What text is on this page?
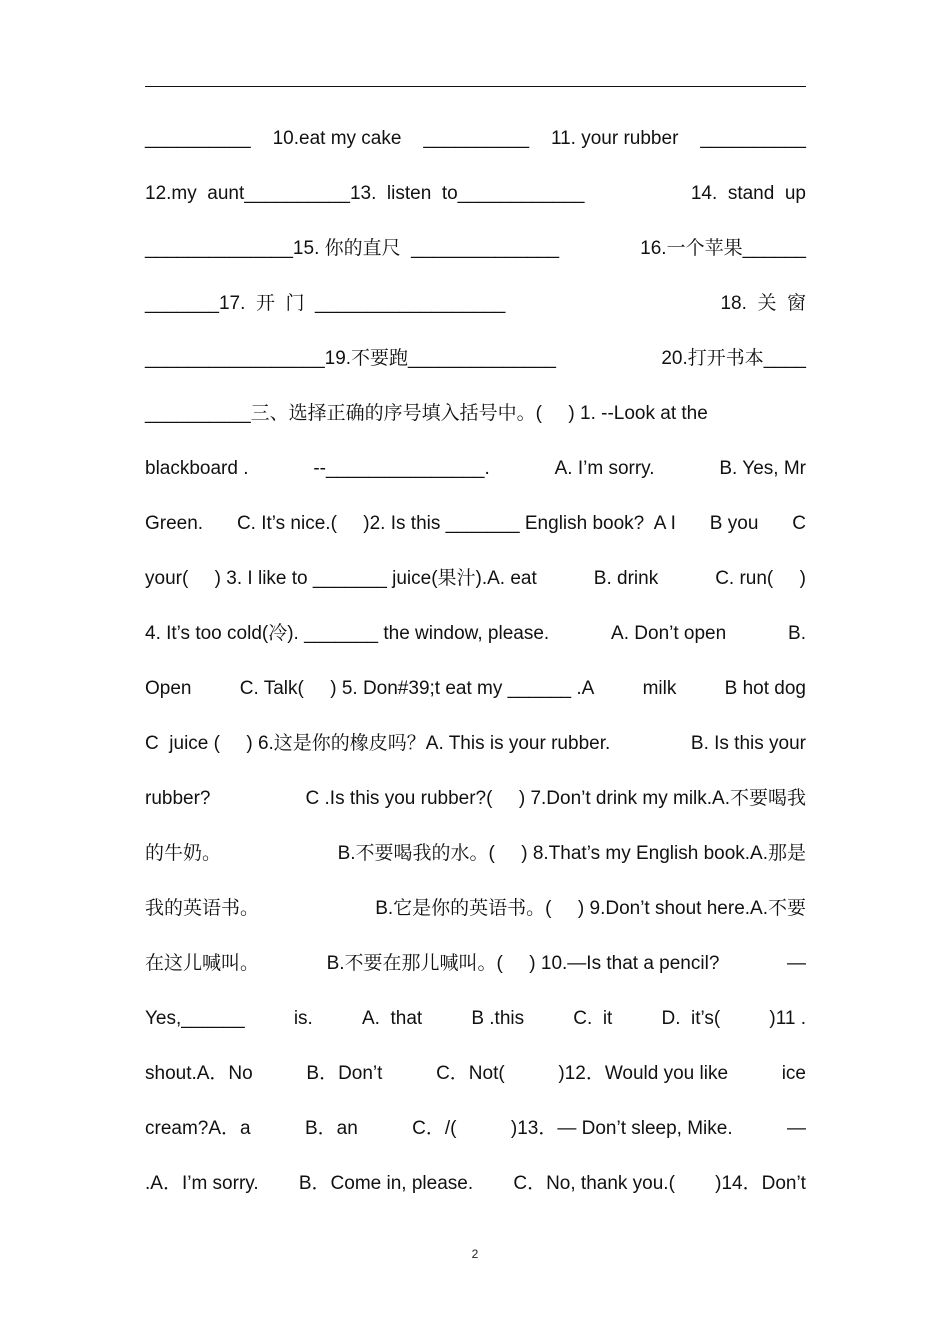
__________ 10.eat my cake __________ 11. your rubber __________
12.my  aunt__________13.  listen  to____________	14.  stand  up
______________15. 你的直尺  ______________	16.一个苹果______
_______17.  开  门  __________________	18.  关  窗
_________________19.不要跑______________	20.打开书本____
__________三、选择正确的序号填入括号中。(     ) 1. --Look at the
blackboard .	--_______________.	A. I’m sorry.	B. Yes, Mr
Green. C. It’s nice.(     )2. Is this _______ English book?  A I B you C
your(     ) 3. I like to _______ juice(果汁).A. eat	B. drink	C. run(     )
4. It’s too cold(冷). _______ the window, please.	A. Don’t open	B.
Open	C. Talk(     ) 5. Don#39;t eat my ______ .A	milk	B hot dog
C  juice (     ) 6.这是你的橡皮吗？A. This is your rubber.	B. Is this your
rubber?	C .Is this you rubber?(     ) 7.Don’t drink my milk.A.不要喝我
的牛奶。	B.不要喝我的水。(     ) 8.That’s my English book.A.那是
我的英语书。	B.它是你的英语书。(     ) 9.Don’t shout here.A.不要
在这儿喊叫。	B.不要在那儿喊叫。(     ) 10.—Is that a pencil?	—
Yes,______	is.	A.  that	B .this	C.  it	D.  it’s(	)11 .
shout.A．No	B．Don’t	C．Not(	)12．Would you like	ice
cream?A．a	B．an	C．/(	)13．— Don’t sleep, Mike.	—
.A．I’m sorry. B．Come in, please. C．No, thank you.( )14．Don’t
2
